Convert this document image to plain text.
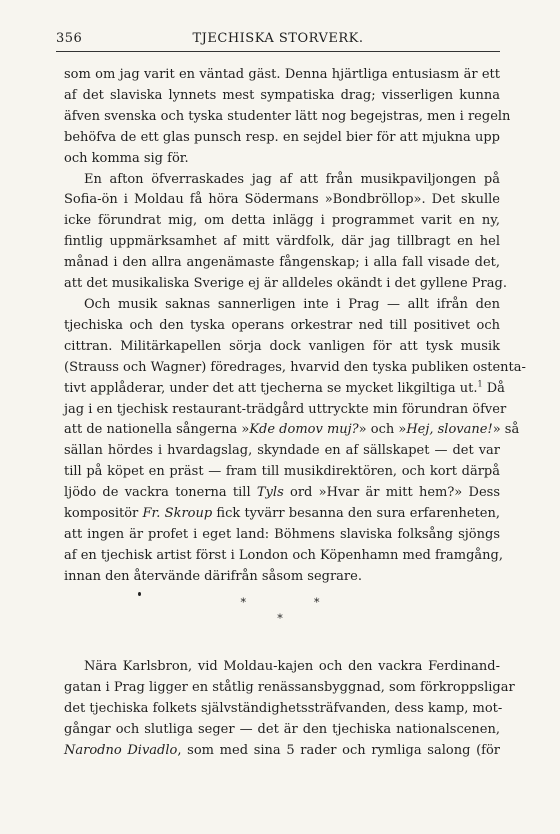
356	TJECHISKA STORVERK.
som om jag varit en väntad gäst. Denna hjärtliga entusiasm är ett
af det slaviska lynnets mest sympatiska drag; visserligen kunna
äfven svenska och tyska studenter lätt nog begejstras, men i regeln
behöfva de ett glas punsch resp. en sejdel bier för att mjukna upp
och komma sig för.
En afton öfverraskades jag af att från musikpaviljongen på
Sofia-ön i Moldau få höra Södermans »Bondbröllop». Det skulle
icke förundrat mig, om detta inlägg i programmet varit en ny,
fintlig uppmärksamhet af mitt värdfolk, där jag tillbragt en hel
månad i den allra angenämaste fångenskap; i alla fall visade det,
att det musikaliska Sverige ej är alldeles okändt i det gyllene Prag.
Och musik saknas sannerligen inte i Prag — allt ifrån den
tjechiska och den tyska operans orkestrar ned till positivet och
cittran. Militärkapellen sörja dock vanligen för att tysk musik
(Strauss och Wagner) föredrages, hvarvid den tyska publiken ostenta-
tivt applåderar, under det att tjecherna se mycket likgiltiga ut.$^1$ Då
jag i en tjechisk restaurant-trädgård uttryckte min förundran öfver
att de nationella sångerna »Kde domov muj?» och »Hej, slovane!» så
sällan hördes i hvardagslag, skyndade en af sällskapet — det var
till på köpet en präst — fram till musikdirektören, och kort därpå
ljödo de vackra tonerna till Tyls ord »Hvar är mitt hem?» Dess
kompositör Fr. Skroup fick tyvärr besanna den sura erfarenheten,
att ingen är profet i eget land: Böhmens slaviska folksång sjöngs
af en tjechisk artist först i London och Köpenhamn med framgång,
innan den återvände därifrån såsom segrare.
*	*
*
Nära Karlsbron, vid Moldau-kajen och den vackra Ferdinand-
gatan i Prag ligger en ståtlig renässansbyggnad, som förkroppsligar
det tjechiska folkets självständighetssträfvanden, dess kamp, mot-
gångar och slutliga seger — det är den tjechiska nationalscenen,
Narodno Divadlo, som med sina 5 rader och rymliga salong (för
